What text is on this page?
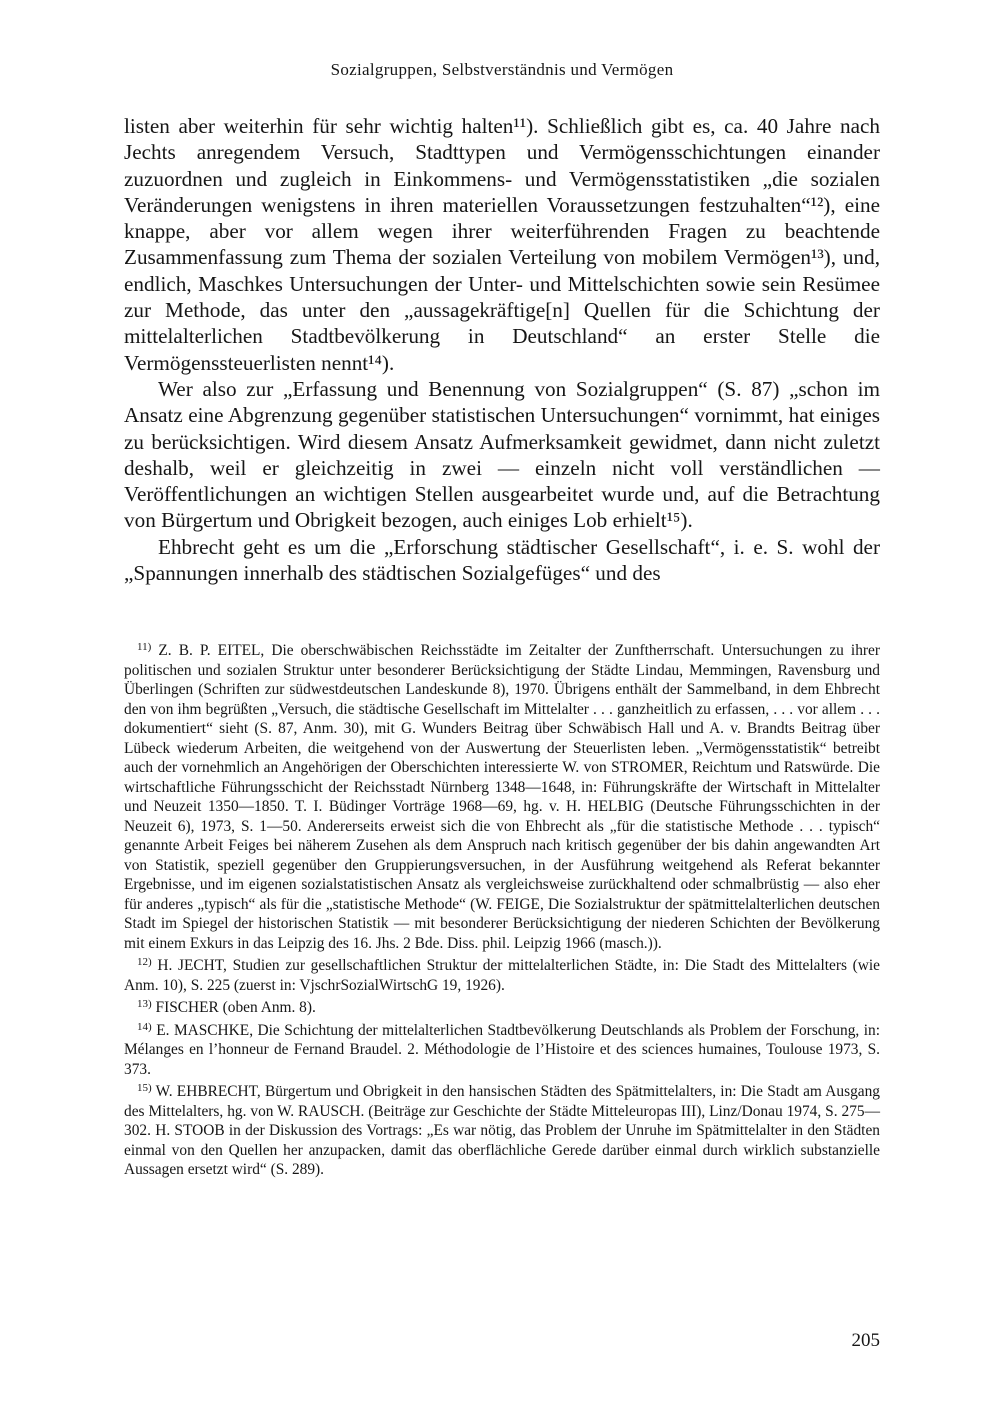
Sozialgruppen, Selbstverständnis und Vermögen

listen aber weiterhin für sehr wichtig halten¹¹). Schließlich gibt es, ca. 40 Jahre nach Jechts anregendem Versuch, Stadttypen und Vermögensschichtungen einander zuzuordnen und zugleich in Einkommens- und Vermögensstatistiken „die sozialen Veränderungen wenigstens in ihren materiellen Voraussetzungen festzuhalten“¹²), eine knappe, aber vor allem wegen ihrer weiterführenden Fragen zu beachtende Zusammenfassung zum Thema der sozialen Verteilung von mobilem Vermögen¹³), und, endlich, Maschkes Untersuchungen der Unter- und Mittelschichten sowie sein Resümee zur Methode, das unter den „aussagekräftige[n] Quellen für die Schichtung der mittelalterlichen Stadtbevölkerung in Deutschland“ an erster Stelle die Vermögenssteuerlisten nennt¹⁴).

Wer also zur „Erfassung und Benennung von Sozialgruppen“ (S. 87) „schon im Ansatz eine Abgrenzung gegenüber statistischen Untersuchungen“ vornimmt, hat einiges zu berücksichtigen. Wird diesem Ansatz Aufmerksamkeit gewidmet, dann nicht zuletzt deshalb, weil er gleichzeitig in zwei — einzeln nicht voll verständlichen — Veröffentlichungen an wichtigen Stellen ausgearbeitet wurde und, auf die Betrachtung von Bürgertum und Obrigkeit bezogen, auch einiges Lob erhielt¹⁵).

Ehbrecht geht es um die „Erforschung städtischer Gesellschaft“, i. e. S. wohl der „Spannungen innerhalb des städtischen Sozialgefüges“ und des

$^{11)}$ Z. B. P. EITEL, Die oberschwäbischen Reichsstädte im Zeitalter der Zunftherrschaft. Untersuchungen zu ihrer politischen und sozialen Struktur unter besonderer Berücksichtigung der Städte Lindau, Memmingen, Ravensburg und Überlingen (Schriften zur südwestdeutschen Landeskunde 8), 1970. Übrigens enthält der Sammelband, in dem Ehbrecht den von ihm begrüßten „Versuch, die städtische Gesellschaft im Mittelalter . . . ganzheitlich zu erfassen, . . . vor allem . . . dokumentiert“ sieht (S. 87, Anm. 30), mit G. Wunders Beitrag über Schwäbisch Hall und A. v. Brandts Beitrag über Lübeck wiederum Arbeiten, die weitgehend von der Auswertung der Steuerlisten leben. „Vermögensstatistik“ betreibt auch der vornehmlich an Angehörigen der Oberschichten interessierte W. von STROMER, Reichtum und Ratswürde. Die wirtschaftliche Führungsschicht der Reichsstadt Nürnberg 1348—1648, in: Führungskräfte der Wirtschaft in Mittelalter und Neuzeit 1350—1850. T. I. Büdinger Vorträge 1968—69, hg. v. H. HELBIG (Deutsche Führungsschichten in der Neuzeit 6), 1973, S. 1—50. Andererseits erweist sich die von Ehbrecht als „für die statistische Methode . . . typisch“ genannte Arbeit Feiges bei näherem Zusehen als dem Anspruch nach kritisch gegenüber der bis dahin angewandten Art von Statistik, speziell gegenüber den Gruppierungsversuchen, in der Ausführung weitgehend als Referat bekannter Ergebnisse, und im eigenen sozialstatistischen Ansatz als vergleichsweise zurückhaltend oder schmalbrüstig — also eher für anderes „typisch“ als für die „statistische Methode“ (W. FEIGE, Die Sozialstruktur der spätmittelalterlichen deutschen Stadt im Spiegel der historischen Statistik — mit besonderer Berücksichtigung der niederen Schichten der Bevölkerung mit einem Exkurs in das Leipzig des 16. Jhs. 2 Bde. Diss. phil. Leipzig 1966 (masch.)).

$^{12)}$ H. JECHT, Studien zur gesellschaftlichen Struktur der mittelalterlichen Städte, in: Die Stadt des Mittelalters (wie Anm. 10), S. 225 (zuerst in: VjschrSozialWirtschG 19, 1926).

$^{13)}$ FISCHER (oben Anm. 8).

$^{14)}$ E. MASCHKE, Die Schichtung der mittelalterlichen Stadtbevölkerung Deutschlands als Problem der Forschung, in: Mélanges en l’honneur de Fernand Braudel. 2. Méthodologie de l’Histoire et des sciences humaines, Toulouse 1973, S. 373.

$^{15)}$ W. EHBRECHT, Bürgertum und Obrigkeit in den hansischen Städten des Spätmittelalters, in: Die Stadt am Ausgang des Mittelalters, hg. von W. RAUSCH. (Beiträge zur Geschichte der Städte Mitteleuropas III), Linz/Donau 1974, S. 275—302. H. STOOB in der Diskussion des Vortrags: „Es war nötig, das Problem der Unruhe im Spätmittelalter in den Städten einmal von den Quellen her anzupacken, damit das oberflächliche Gerede darüber einmal durch wirklich substanzielle Aussagen ersetzt wird“ (S. 289).

205
